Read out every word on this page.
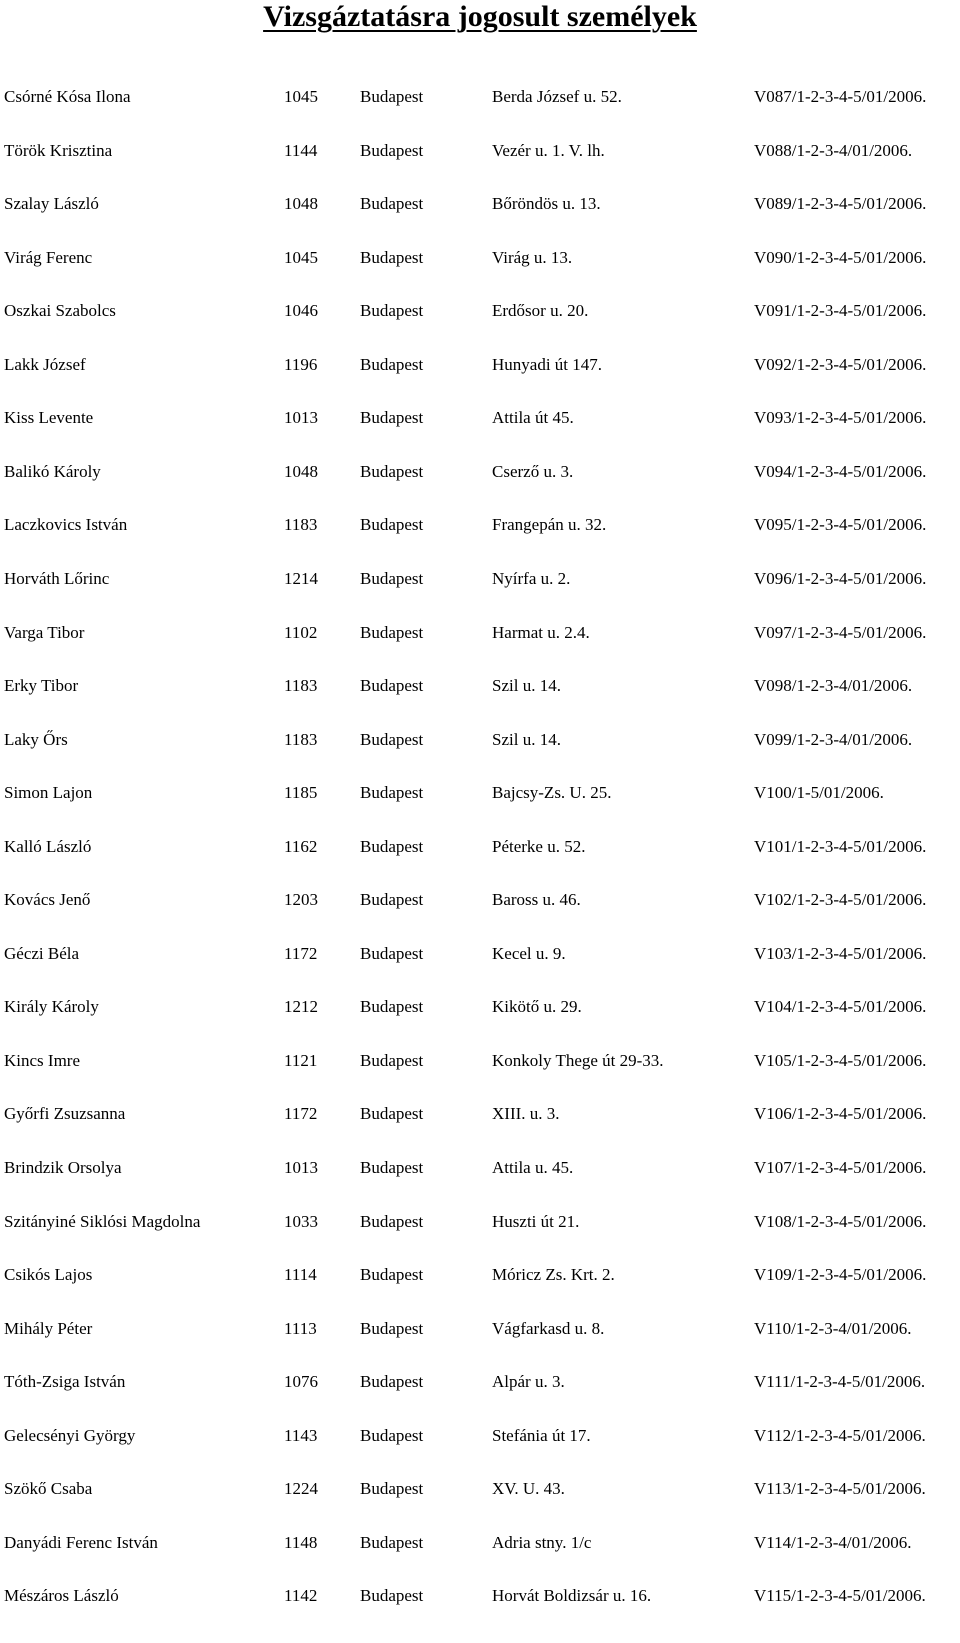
Vizsgáztatásra jogosult személyek
Csórné Kósa Ilona	1045 Budapest	Berda József u. 52.	V087/1-2-3-4-5/01/2006.
Török Krisztina	1144	Budapest	Vezér u. 1. V. lh.	V088/1-2-3-4/01/2006.
Szalay László	1048 Budapest	Bőröndös u. 13.	V089/1-2-3-4-5/01/2006.
Virág Ferenc	1045 Budapest	Virág u. 13.	V090/1-2-3-4-5/01/2006.
Oszkai Szabolcs	1046 Budapest	Erdősor u. 20.	V091/1-2-3-4-5/01/2006.
Lakk József	1196	Budapest	Hunyadi út 147.	V092/1-2-3-4-5/01/2006.
Kiss Levente	1013 Budapest	Attila út 45.	V093/1-2-3-4-5/01/2006.
Balikó Károly	1048 Budapest	Cserző u. 3.	V094/1-2-3-4-5/01/2006.
Laczkovics István	1183	Budapest	Frangepán u. 32.	V095/1-2-3-4-5/01/2006.
Horváth Lőrinc	1214 Budapest	Nyírfa u. 2.	V096/1-2-3-4-5/01/2006.
Varga Tibor	1102	Budapest	Harmat u. 2.4.	V097/1-2-3-4-5/01/2006.
Erky Tibor	1183	Budapest	Szil u. 14.	V098/1-2-3-4/01/2006.
Laky Őrs	1183	Budapest	Szil u. 14.	V099/1-2-3-4/01/2006.
Simon Lajon	1185	Budapest	Bajcsy-Zs. U. 25.	V100/1-5/01/2006.
Kalló László	1162	Budapest	Péterke u. 52.	V101/1-2-3-4-5/01/2006.
Kovács Jenő	1203 Budapest	Baross u. 46.	V102/1-2-3-4-5/01/2006.
Géczi Béla	1172	Budapest	Kecel u. 9.	V103/1-2-3-4-5/01/2006.
Király Károly	1212 Budapest	Kikötő u. 29.	V104/1-2-3-4-5/01/2006.
Kincs Imre	1121	Budapest	Konkoly Thege út 29-33.	V105/1-2-3-4-5/01/2006.
Győrfi Zsuzsanna	1172	Budapest	XIII. u. 3.	V106/1-2-3-4-5/01/2006.
Brindzik Orsolya	1013 Budapest	Attila u. 45.	V107/1-2-3-4-5/01/2006.
Szitányiné Siklósi Magdolna	1033 Budapest	Huszti út 21.	V108/1-2-3-4-5/01/2006.
Csikós Lajos	1114	Budapest	Móricz Zs. Krt. 2.	V109/1-2-3-4-5/01/2006.
Mihály Péter	1113	Budapest	Vágfarkasd u. 8.	V110/1-2-3-4/01/2006.
Tóth-Zsiga István	1076 Budapest	Alpár u. 3.	V111/1-2-3-4-5/01/2006.
Gelecsényi György	1143	Budapest	Stefánia út 17.	V112/1-2-3-4-5/01/2006.
Szökő Csaba	1224 Budapest	XV. U. 43.	V113/1-2-3-4-5/01/2006.
Danyádi Ferenc István	1148	Budapest	Adria stny. 1/c	V114/1-2-3-4/01/2006.
Mészáros László	1142	Budapest	Horvát Boldizsár u. 16.	V115/1-2-3-4-5/01/2006.
